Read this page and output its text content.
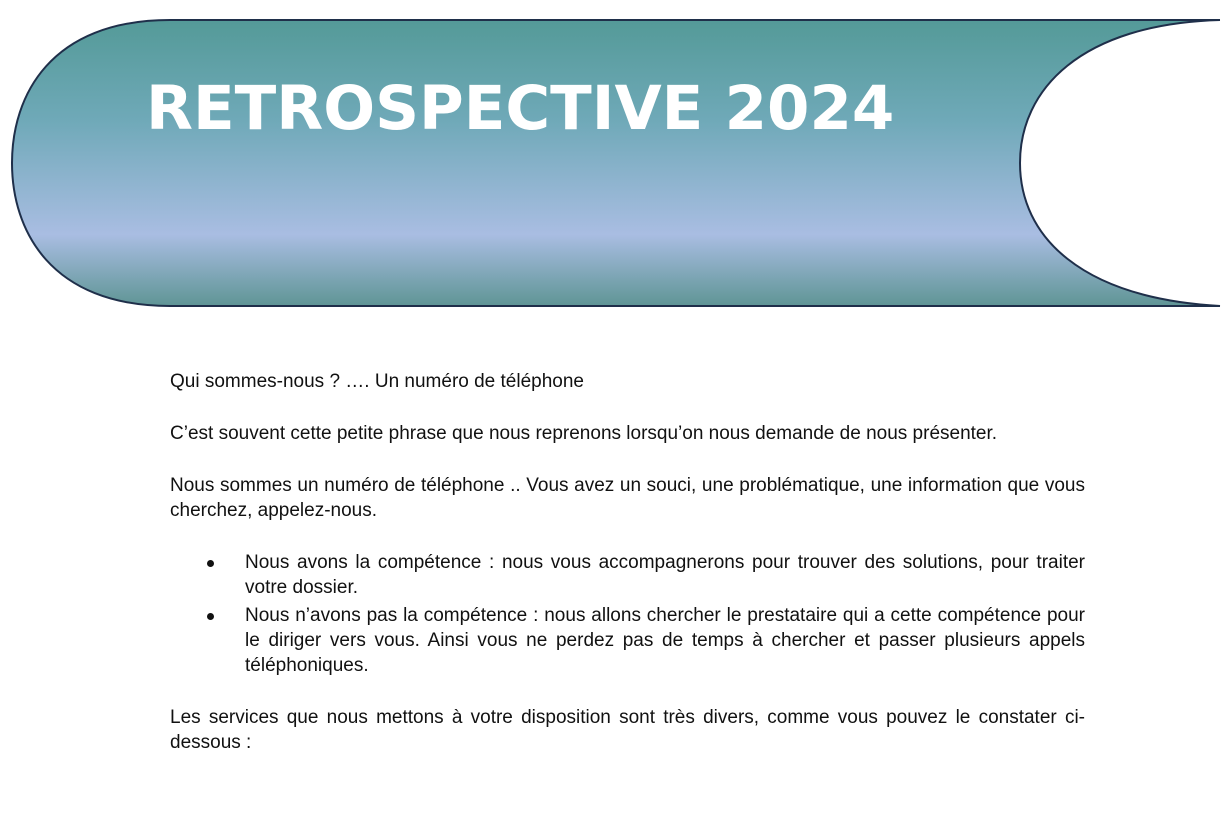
RETROSPECTIVE 2024

Qui sommes-nous ? …. Un numéro de téléphone

C’est souvent cette petite phrase que nous reprenons lorsqu’on nous demande de nous présenter.

Nous sommes un numéro de téléphone .. Vous avez un souci, une problématique, une information que vous cherchez, appelez-nous.

Nous avons la compétence : nous vous accompagnerons pour trouver des solutions, pour traiter votre dossier.
Nous n’avons pas la compétence : nous allons chercher le prestataire qui a cette compétence pour le diriger vers vous. Ainsi vous ne perdez pas de temps à chercher et passer plusieurs appels téléphoniques.

Les services que nous mettons à votre disposition sont très divers, comme vous pouvez le constater ci-dessous :
